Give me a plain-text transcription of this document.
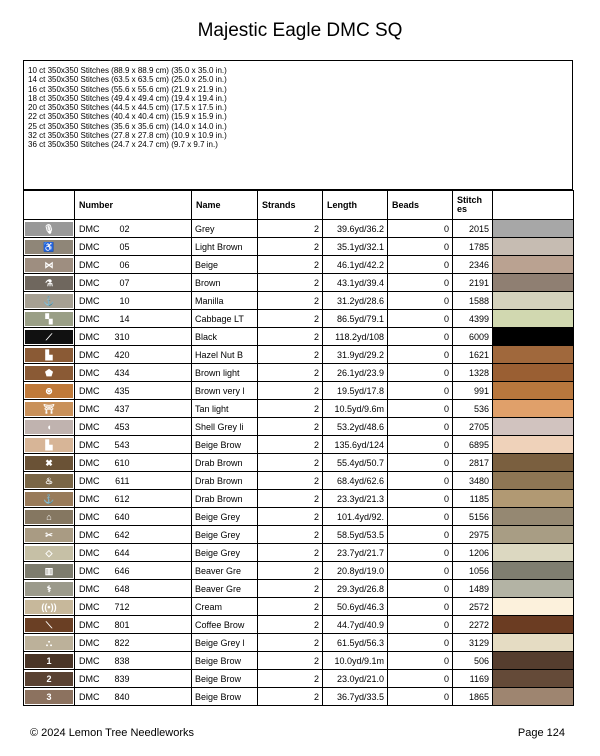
Majestic Eagle DMC SQ
10 ct 350x350 Stitches (88.9 x 88.9 cm) (35.0 x 35.0 in.)
14 ct 350x350 Stitches (63.5 x 63.5 cm) (25.0 x 25.0 in.)
16 ct 350x350 Stitches (55.6 x 55.6 cm) (21.9 x 21.9 in.)
18 ct 350x350 Stitches (49.4 x 49.4 cm) (19.4 x 19.4 in.)
20 ct 350x350 Stitches (44.5 x 44.5 cm) (17.5 x 17.5 in.)
22 ct 350x350 Stitches (40.4 x 40.4 cm) (15.9 x 15.9 in.)
25 ct 350x350 Stitches (35.6 x 35.6 cm) (14.0 x 14.0 in.)
32 ct 350x350 Stitches (27.8 x 27.8 cm) (10.9 x 10.9 in.)
36 ct 350x350 Stitches (24.7 x 24.7 cm) (9.7 x 9.7 in.)
	Number	Name	Strands	Length	Beads	Stitch es	

🎙	DMC 02	Grey	2	39.6yd/36.2	0	2015	

♿	DMC 05	Light Brown	2	35.1yd/32.1	0	1785	

⋈	DMC 06	Beige	2	46.1yd/42.2	0	2346	

⚗	DMC 07	Brown	2	43.1yd/39.4	0	2191	

⚓	DMC 10	Manilla	2	31.2yd/28.6	0	1588	

▚	DMC 14	Cabbage LT	2	86.5yd/79.1	0	4399	

⟋	DMC 310	Black	2	118.2yd/108	0	6009	

▙	DMC 420	Hazel Nut B	2	31.9yd/29.2	0	1621	

⬟	DMC 434	Brown light	2	26.1yd/23.9	0	1328	

⊛	DMC 435	Brown very l	2	19.5yd/17.8	0	991	

⛩	DMC 437	Tan light	2	10.5yd/9.6m	0	536	

◖	DMC 453	Shell Grey li	2	53.2yd/48.6	0	2705	

▙	DMC 543	Beige Brow	2	135.6yd/124	0	6895	

✖	DMC 610	Drab Brown	2	55.4yd/50.7	0	2817	

♨	DMC 611	Drab Brown	2	68.4yd/62.6	0	3480	

⚓	DMC 612	Drab Brown	2	23.3yd/21.3	0	1185	

⌂	DMC 640	Beige Grey	2	101.4yd/92.	0	5156	

✂	DMC 642	Beige Grey	2	58.5yd/53.5	0	2975	

◇	DMC 644	Beige Grey	2	23.7yd/21.7	0	1206	

▥	DMC 646	Beaver Gre	2	20.8yd/19.0	0	1056	

⚕	DMC 648	Beaver Gre	2	29.3yd/26.8	0	1489	

((•))	DMC 712	Cream	2	50.6yd/46.3	0	2572	

⟍	DMC 801	Coffee Brow	2	44.7yd/40.9	0	2272	

⛬	DMC 822	Beige Grey l	2	61.5yd/56.3	0	3129	

1	DMC 838	Beige Brow	2	10.0yd/9.1m	0	506	

2	DMC 839	Beige Brow	2	23.0yd/21.0	0	1169	

3	DMC 840	Beige Brow	2	36.7yd/33.5	0	1865	
© 2024 Lemon Tree Needleworks	Page 124
